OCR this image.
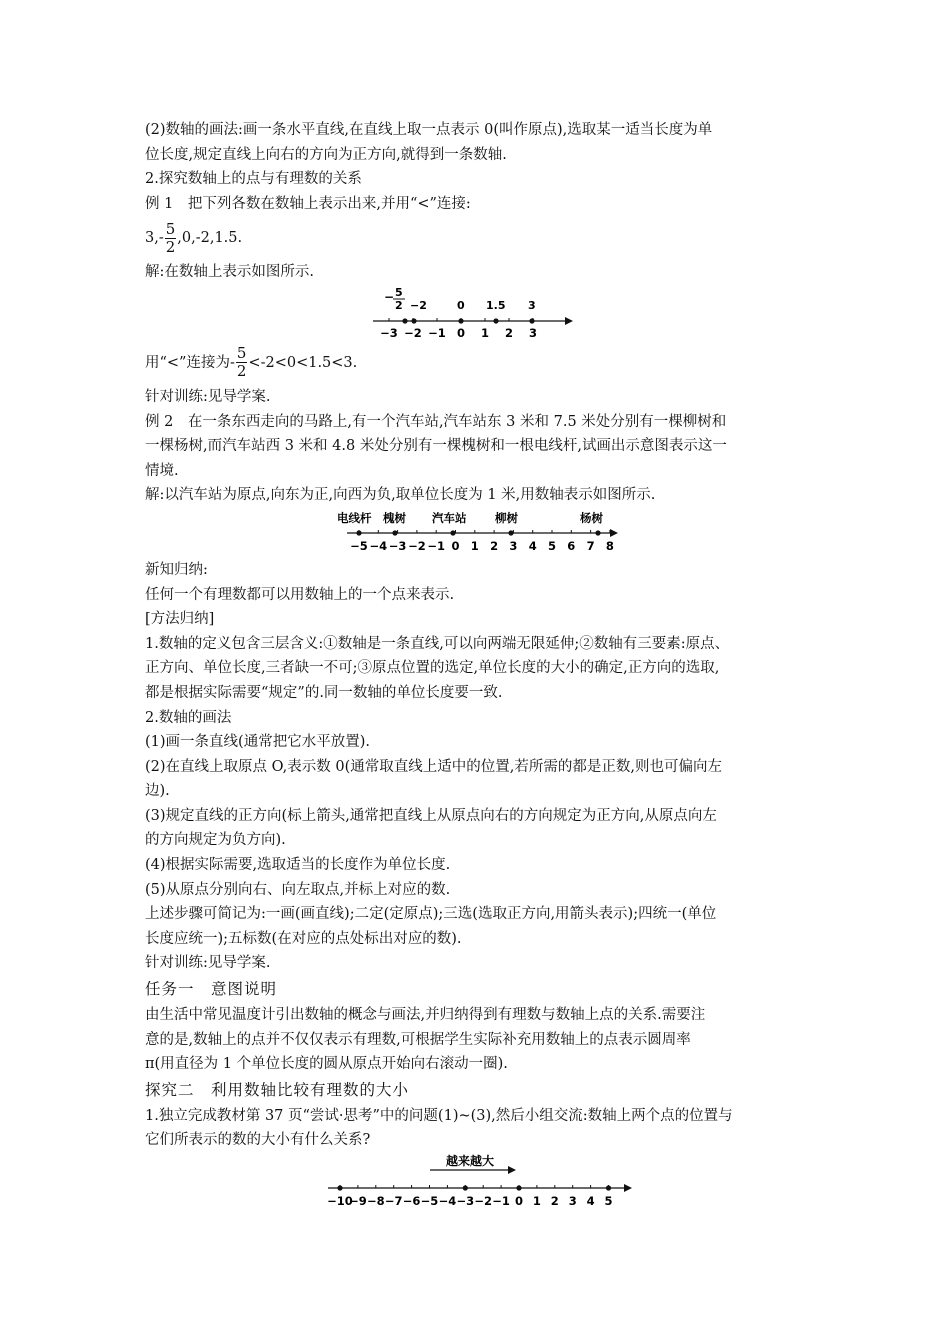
(2)数轴的画法:画一条水平直线,在直线上取一点表示 0(叫作原点),选取某一适当长度为单

位长度,规定直线上向右的方向为正方向,就得到一条数轴.

2.探究数轴上的点与有理数的关系

例 1　把下列各数在数轴上表示出来,并用“<”连接:

$3,- \frac{5}{2} ,0,-2,1.5$.

解:在数轴上表示如图所示.

− 5
2 −2	0 1.5 3
−3 −2 −1 0 1 2 3

用“<”连接为- $\frac{5}{2} <-2<0<1.5<3$.

针对训练:见导学案.

例 2　在一条东西走向的马路上,有一个汽车站,汽车站东 3 米和 7.5 米处分别有一棵柳树和

一棵杨树,而汽车站西 3 米和 4.8 米处分别有一棵槐树和一根电线杆,试画出示意图表示这一

情境.

解:以汽车站为原点,向东为正,向西为负,取单位长度为 1 米,用数轴表示如图所示.

电线杆 槐树 汽车站 柳树	杨树
−5 −4 −3 −2 −1 0 1 2 3 4 5 6 7 8

新知归纳:

任何一个有理数都可以用数轴上的一个点来表示.

[方法归纳]

1.数轴的定义包含三层含义:①数轴是一条直线,可以向两端无限延伸;②数轴有三要素:原点、

正方向、单位长度,三者缺一不可;③原点位置的选定,单位长度的大小的确定,正方向的选取,

都是根据实际需要“规定”的.同一数轴的单位长度要一致.

2.数轴的画法

(1)画一条直线(通常把它水平放置).

(2)在直线上取原点 O,表示数 0(通常取直线上适中的位置,若所需的都是正数,则也可偏向左

边).

(3)规定直线的正方向(标上箭头,通常把直线上从原点向右的方向规定为正方向,从原点向左

的方向规定为负方向).

(4)根据实际需要,选取适当的长度作为单位长度.

(5)从原点分别向右、向左取点,并标上对应的数.

上述步骤可简记为:一画(画直线);二定(定原点);三选(选取正方向,用箭头表示);四统一(单位

长度应统一);五标数(在对应的点处标出对应的数).

针对训练:见导学案.

任务一　意图说明

由生活中常见温度计引出数轴的概念与画法,并归纳得到有理数与数轴上点的关系.需要注

意的是,数轴上的点并不仅仅表示有理数,可根据学生实际补充用数轴上的点表示圆周率

π(用直径为 1 个单位长度的圆从原点开始向右滚动一圈).

探究二　利用数轴比较有理数的大小

1.独立完成教材第 37 页“尝试·思考”中的问题(1)~(3),然后小组交流:数轴上两个点的位置与

它们所表示的数的大小有什么关系?

越来越大
−10
−9 −8 −7 −6 −5 −4 −3 −2 −1 0 1 2 3 4 5
